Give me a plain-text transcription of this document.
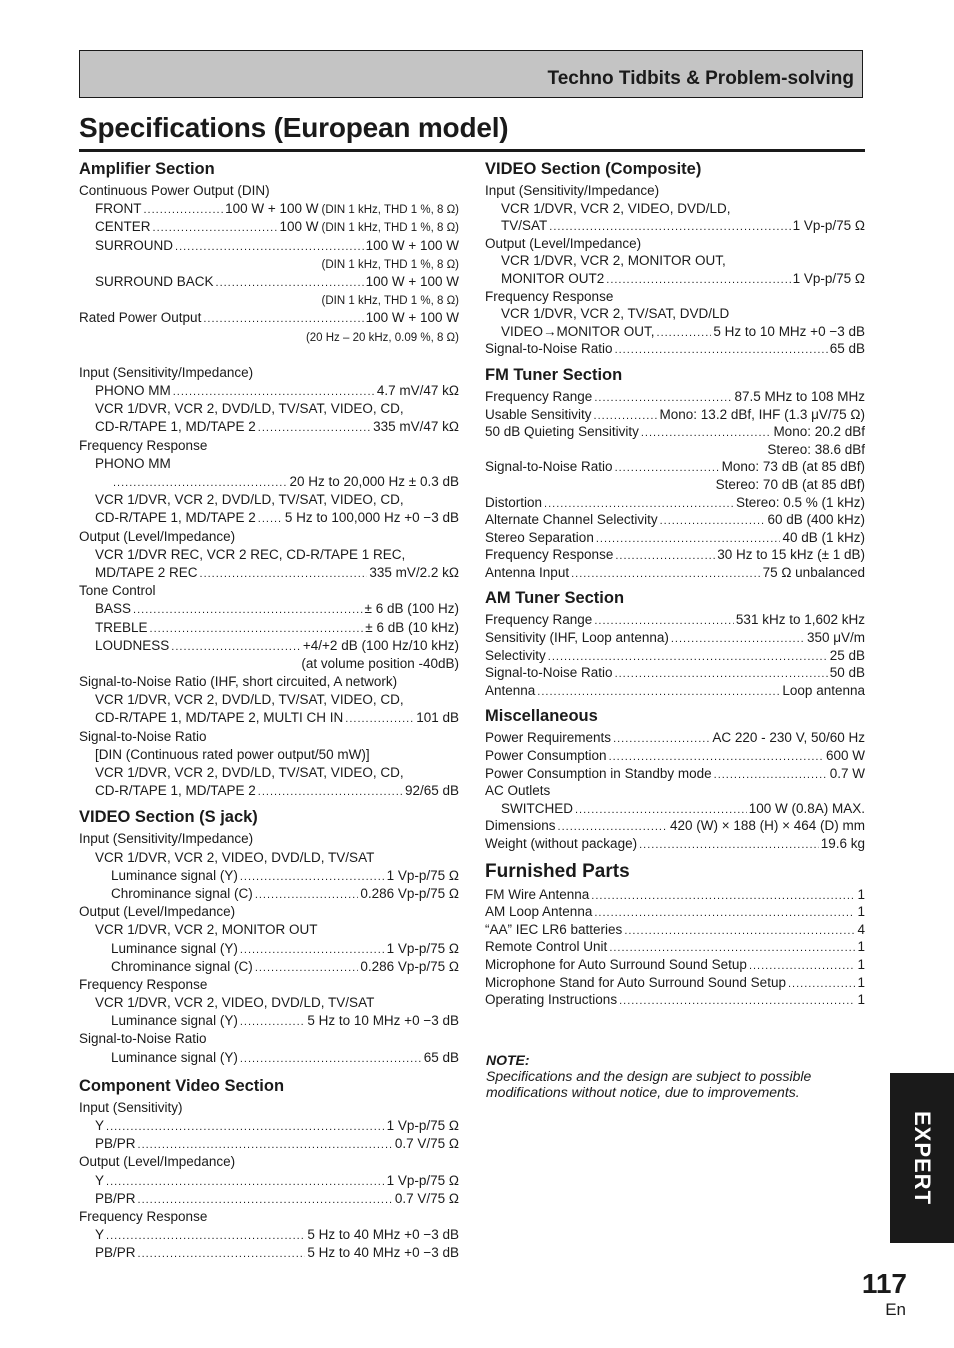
Techno Tidbits & Problem-solving
Specifications (European model)
Amplifier Section
Continuous Power Output (DIN)
FRONT .....	100 W + 100 W (DIN 1 kHz, THD 1 %, 8 Ω)
CENTER .....	100 W (DIN 1 kHz, THD 1 %, 8 Ω)
SURROUND .....	100 W + 100 W
(DIN 1 kHz, THD 1 %, 8 Ω)
SURROUND BACK .....	100 W + 100 W
(DIN 1 kHz, THD 1 %, 8 Ω)
Rated Power Output .....	100 W + 100 W
(20 Hz – 20 kHz, 0.09 %, 8 Ω)
Input (Sensitivity/Impedance)
PHONO MM .....	4.7 mV/47 kΩ
VCR 1/DVR, VCR 2, DVD/LD, TV/SAT, VIDEO, CD,
CD-R/TAPE 1, MD/TAPE 2 .....	335 mV/47 kΩ
Frequency Response
PHONO MM
.....
20 Hz to 20,000 Hz ± 0.3 dB
VCR 1/DVR, VCR 2, DVD/LD, TV/SAT, VIDEO, CD,
CD-R/TAPE 1, MD/TAPE 2 ..... 5 Hz to 100,000 Hz +0 −3 dB
Output (Level/Impedance)
VCR 1/DVR REC, VCR 2 REC, CD-R/TAPE 1 REC,
MD/TAPE 2 REC .....	335 mV/2.2 kΩ
Tone Control
BASS .....	± 6 dB (100 Hz)
TREBLE .....	± 6 dB (10 kHz)
LOUDNESS .....	+4/+2 dB (100 Hz/10 kHz)
(at volume position -40dB)
Signal-to-Noise Ratio (IHF, short circuited, A network)
VCR 1/DVR, VCR 2, DVD/LD, TV/SAT, VIDEO, CD,
CD-R/TAPE 1, MD/TAPE 2, MULTI CH IN .....	101 dB
Signal-to-Noise Ratio
[DIN (Continuous rated power output/50 mW)]
VCR 1/DVR, VCR 2, DVD/LD, TV/SAT, VIDEO, CD,
CD-R/TAPE 1, MD/TAPE 2 .....	92/65 dB
VIDEO Section (S jack)
Input (Sensitivity/Impedance)
VCR 1/DVR, VCR 2, VIDEO, DVD/LD, TV/SAT
Luminance signal (Y) .....	1 Vp-p/75 Ω
Chrominance signal (C) .....	0.286 Vp-p/75 Ω
Output (Level/Impedance)
VCR 1/DVR, VCR 2, MONITOR OUT
Luminance signal (Y) .....	1 Vp-p/75 Ω
Chrominance signal (C) .....	0.286 Vp-p/75 Ω
Frequency Response
VCR 1/DVR, VCR 2, VIDEO, DVD/LD, TV/SAT
Luminance signal (Y) .....	5 Hz to 10 MHz +0 −3 dB
Signal-to-Noise Ratio
Luminance signal (Y) .....	65 dB
Component Video Section
Input (Sensitivity)
Y .....	1 Vp-p/75 Ω
PB/PR .....	0.7 V/75 Ω
Output (Level/Impedance)
Y .....	1 Vp-p/75 Ω
PB/PR .....	0.7 V/75 Ω
Frequency Response
Y .....	5 Hz to 40 MHz +0 −3 dB
PB/PR .....	5 Hz to 40 MHz +0 −3 dB
VIDEO Section (Composite)
Input (Sensitivity/Impedance)
VCR 1/DVR, VCR 2, VIDEO, DVD/LD,
TV/SAT .....	1 Vp-p/75 Ω
Output (Level/Impedance)
VCR 1/DVR, VCR 2, MONITOR OUT,
MONITOR OUT2 .....	1 Vp-p/75 Ω
Frequency Response
VCR 1/DVR, VCR 2, TV/SAT, DVD/LD
VIDEO→MONITOR OUT, .....	5 Hz to 10 MHz +0 −3 dB
Signal-to-Noise Ratio .....	65 dB
FM Tuner Section
Frequency Range .....	87.5 MHz to 108 MHz
Usable Sensitivity .....	Mono: 13.2 dBf, IHF (1.3 μV/75 Ω)
50 dB Quieting Sensitivity .....	Mono: 20.2 dBf
Stereo: 38.6 dBf
Signal-to-Noise Ratio .....	Mono: 73 dB (at 85 dBf)
Stereo: 70 dB (at 85 dBf)
Distortion .....	Stereo: 0.5 % (1 kHz)
Alternate Channel Selectivity .....	60 dB (400 kHz)
Stereo Separation .....	40 dB (1 kHz)
Frequency Response .....	30 Hz to 15 kHz (± 1 dB)
Antenna Input .....	75 Ω unbalanced
AM Tuner Section
Frequency Range .....	531 kHz to 1,602 kHz
Sensitivity (IHF, Loop antenna) .....	350 μV/m
Selectivity .....	25 dB
Signal-to-Noise Ratio .....	50 dB
Antenna .....	Loop antenna
Miscellaneous
Power Requirements .....	AC 220 - 230 V, 50/60 Hz
Power Consumption .....	600 W
Power Consumption in Standby mode .....	0.7 W
AC Outlets
SWITCHED .....	100 W (0.8A) MAX.
Dimensions .....	420 (W) × 188 (H) × 464 (D) mm
Weight (without package) .....	19.6 kg
Furnished Parts
FM Wire Antenna .....	1
AM Loop Antenna .....	1
“AA” IEC LR6 batteries .....	4
Remote Control Unit .....	1
Microphone for Auto Surround Sound Setup .....	1
Microphone Stand for Auto Surround Sound Setup .....	1
Operating Instructions .....	1
NOTE:
Specifications and the design are subject to possible modifications without notice, due to improvements.
EXPERT
117
En
